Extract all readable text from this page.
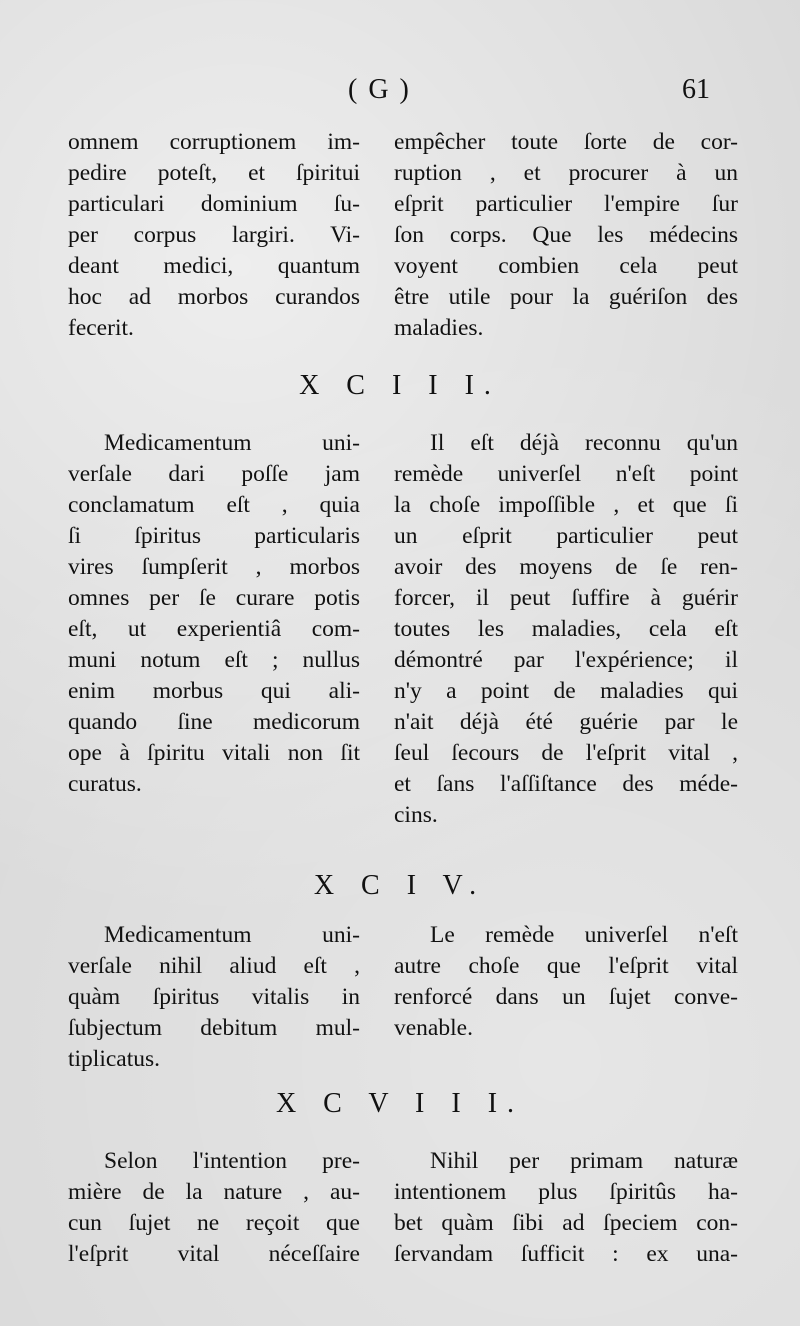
( G )	61
omnem corruptionem im-
pedire poteſt, et ſpiritui
particulari dominium ſu-
per corpus largiri. Vi-
deant medici, quantum
hoc ad morbos curandos
fecerit.
empêcher toute ſorte de cor-
ruption , et procurer à un
eſprit particulier l'empire ſur
ſon corps. Que les médecins
voyent combien cela peut
être utile pour la guériſon des
maladies.
X C I I I.
Medicamentum uni-
verſale dari poſſe jam
conclamatum eſt , quia
ſi ſpiritus particularis
vires ſumpſerit , morbos
omnes per ſe curare potis
eſt, ut experientiâ com-
muni notum eſt ; nullus
enim morbus qui ali-
quando ſine medicorum
ope à ſpiritu vitali non ſit
curatus.
Il eſt déjà reconnu qu'un
remède univerſel n'eſt point
la choſe impoſſible , et que ſi
un eſprit particulier peut
avoir des moyens de ſe ren-
forcer, il peut ſuffire à guérir
toutes les maladies, cela eſt
démontré par l'expérience; il
n'y a point de maladies qui
n'ait déjà été guérie par le
ſeul ſecours de l'eſprit vital ,
et ſans l'aſſiſtance des méde-
cins.
X C I V.
Medicamentum uni-
verſale nihil aliud eſt ,
quàm ſpiritus vitalis in
ſubjectum debitum mul-
tiplicatus.
Le remède univerſel n'eſt
autre choſe que l'eſprit vital
renforcé dans un ſujet conve-
venable.
X C V I I I.
Selon l'intention pre-
mière de la nature , au-
cun ſujet ne reçoit que
l'eſprit vital néceſſaire
Nihil per primam naturæ
intentionem plus ſpiritûs ha-
bet quàm ſibi ad ſpeciem con-
ſervandam ſufficit : ex una-
